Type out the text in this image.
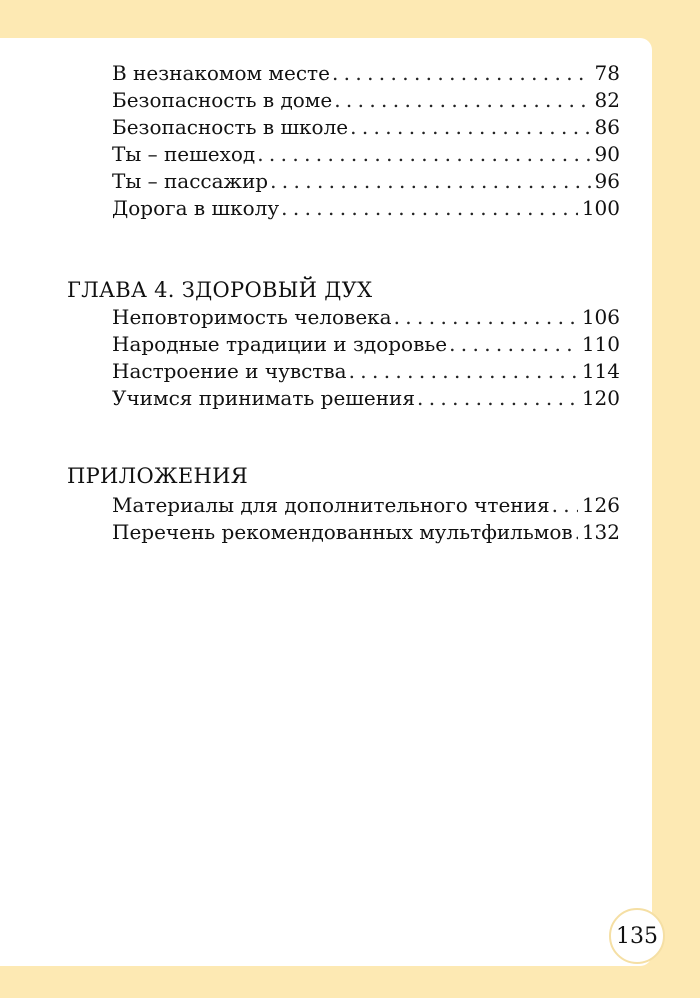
В незнакомом месте . . .	78
Безопасность в доме . . .	82
Безопасность в школе . . .	86
Ты – пешеход . . .	90
Ты – пассажир . . .	96
Дорога в школу . . .	100
ГЛАВА 4. ЗДОРОВЫЙ ДУХ
Неповторимость человека . . .	106
Народные традиции и здоровье . . .	110
Настроение и чувства . . .	114
Учимся принимать решения . . .	120
ПРИЛОЖЕНИЯ
Материалы для дополнительного чтения . . . 126
Перечень рекомендованных мультфильмов . . . 132
135
